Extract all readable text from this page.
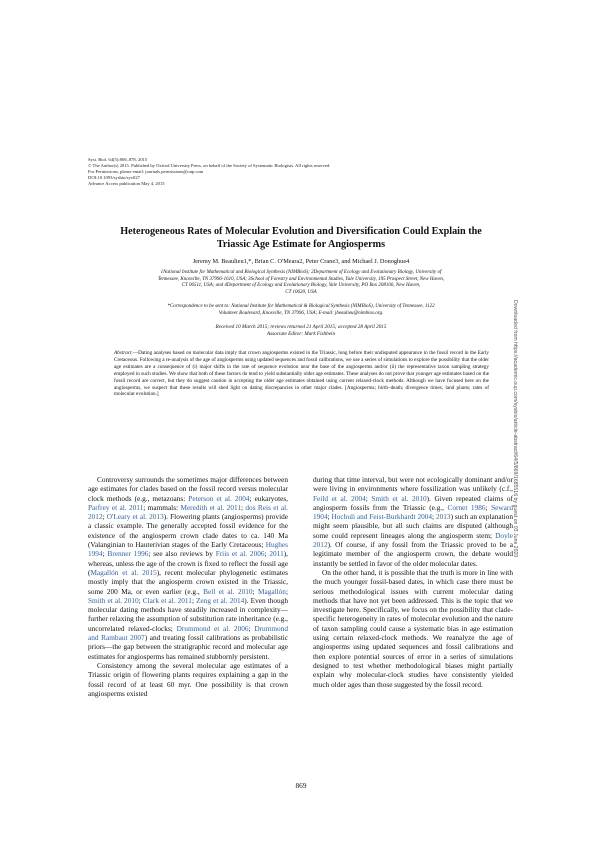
Syst. Biol. 64(5):869–878, 2015
© The Author(s) 2015. Published by Oxford University Press, on behalf of the Society of Systematic Biologists. All rights reserved.
For Permissions, please email: journals.permissions@oup.com
DOI:10.1093/sysbio/syv027
Advance Access publication May 4, 2015
Heterogeneous Rates of Molecular Evolution and Diversification Could Explain the Triassic Age Estimate for Angiosperms
Jeremy M. Beaulieu1,*, Brian C. O'Meara2, Peter Crane3, and Michael J. Donoghue4
1National Institute for Mathematical and Biological Synthesis (NIMBioS); 2Department of Ecology and Evolutionary Biology, University of
Tennessee, Knoxville, TN 37996-1610, USA; 3School of Forestry and Environmental Studies, Yale University, 195 Prospect Street, New Haven,
CT 06511, USA; and 4Department of Ecology and Evolutionary Biology, Yale University, PO Box 208106, New Haven,
CT 10620, USA
*Correspondence to be sent to: National Institute for Mathematical & Biological Synthesis (NIMBioS), University of Tennessee, 1122
Volunteer Boulevard, Knoxville, TN 37996, USA; E-mail: jbeaulieu@nimbios.org.
Received 10 March 2015; reviews returned 21 April 2015; accepted 28 April 2015
Associate Editor: Mark Fishbein
Abstract.—Dating analyses based on molecular data imply that crown angiosperms existed in the Triassic, long before their undisputed appearance in the fossil record in the Early Cretaceous. Following a re-analysis of the age of angiosperms using updated sequences and fossil calibrations, we use a series of simulations to explore the possibility that the older age estimates are a consequence of (i) major shifts in the rate of sequence evolution near the base of the angiosperms and/or (ii) the representative taxon sampling strategy employed in such studies. We show that both of these factors do tend to yield substantially older age estimates. These analyses do not prove that younger age estimates based on the fossil record are correct, but they do suggest caution in accepting the older age estimates obtained using current relaxed-clock methods. Although we have focused here on the angiosperms, we suspect that these results will shed light on dating discrepancies in other major clades. [Angiosperms; birth–death; divergence times; land plants; rates of molecular evolution.]

Controversy surrounds the sometimes major differences between age estimates for clades based on the fossil record versus molecular clock methods (e.g., metazoans: Peterson et al. 2004; eukaryotes, Parfrey et al. 2011; mammals: Meredith et al. 2011; dos Reis et al. 2012; O'Leary et al. 2013). Flowering plants (angiosperms) provide a classic example. The generally accepted fossil evidence for the existence of the angiosperm crown clade dates to ca. 140 Ma (Valanginian to Hauterivian stages of the Early Cretaceous; Hughes 1994; Brenner 1996; see also reviews by Friis et al. 2006; 2011), whereas, unless the age of the crown is fixed to reflect the fossil age (Magallón et al. 2015), recent molecular phylogenetic estimates mostly imply that the angiosperm crown existed in the Triassic, some 200 Ma, or even earlier (e.g., Bell et al. 2010; Magallón; Smith et al. 2010; Clark et al. 2011; Zeng et al. 2014). Even though molecular dating methods have steadily increased in complexity—further relaxing the assumption of substitution rate inheritance (e.g., uncorrelated relaxed-clocks; Drummond et al. 2006; Drummond and Rambaut 2007) and treating fossil calibrations as probabilistic priors—the gap between the stratigraphic record and molecular age estimates for angiosperms has remained stubbornly persistent.

Consistency among the several molecular age estimates of a Triassic origin of flowering plants requires explaining a gap in the fossil record of at least 60 myr. One possibility is that crown angiosperms existed

during that time interval, but were not ecologically dominant and/or were living in environments where fossilization was unlikely (c.f., Feild et al. 2004; Smith et al. 2010). Given repeated claims of angiosperm fossils from the Triassic (e.g., Cornet 1986; Seward 1904; Hochuli and Feist-Burkhardt 2004; 2013) such an explanation might seem plausible, but all such claims are disputed (although some could represent lineages along the angiosperm stem; Doyle 2012). Of course, if any fossil from the Triassic proved to be a legitimate member of the angiosperm crown, the debate would instantly be settled in favor of the older molecular dates.

On the other hand, it is possible that the truth is more in line with the much younger fossil-based dates, in which case there must be serious methodological issues with current molecular dating methods that have not yet been addressed. This is the topic that we investigate here. Specifically, we focus on the possibility that clade-specific heterogeneity in rates of molecular evolution and the nature of taxon sampling could cause a systematic bias in age estimation using certain relaxed-clock methods. We reanalyze the age of angiosperms using updated sequences and fossil calibrations and then explore potential sources of error in a series of simulations designed to test whether methodological biases might partially explain why molecular-clock studies have consistently yielded much older ages than those suggested by the fossil record.

869
Downloaded from https://academic.oup.com/sysbio/article-abstract/64/5/869/1685516 by guest on 03 June 2020
